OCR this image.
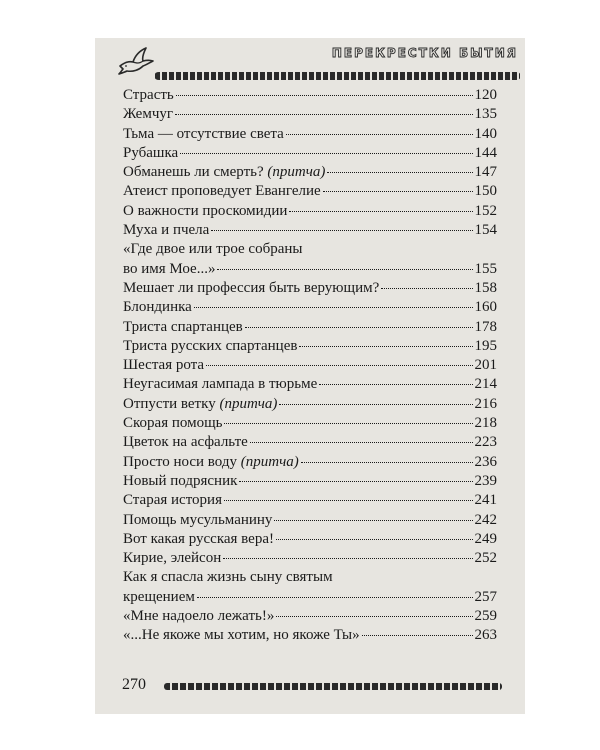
ПЕРЕКРЕСТКИ БЫТИЯ
Страсть	120
Жемчуг	135
Тьма — отсутствие света	140
Рубашка	144
Обманешь ли смерть? (притча)	147
Атеист проповедует Евангелие	150
О важности проскомидии	152
Муха и пчела	154
«Где двое или трое собраны
во имя Мое...»	155
Мешает ли профессия быть верующим?	158
Блондинка	160
Триста спартанцев	178
Триста русских спартанцев	195
Шестая рота	201
Неугасимая лампада в тюрьме	214
Отпусти ветку (притча)	216
Скорая помощь	218
Цветок на асфальте	223
Просто носи воду (притча)	236
Новый подрясник	239
Старая история	241
Помощь мусульманину	242
Вот какая русская вера!	249
Кирие, элейсон	252
Как я спасла жизнь сыну святым
крещением	257
«Мне надоело лежать!»	259
«...Не якоже мы хотим, но якоже Ты»	263
270
